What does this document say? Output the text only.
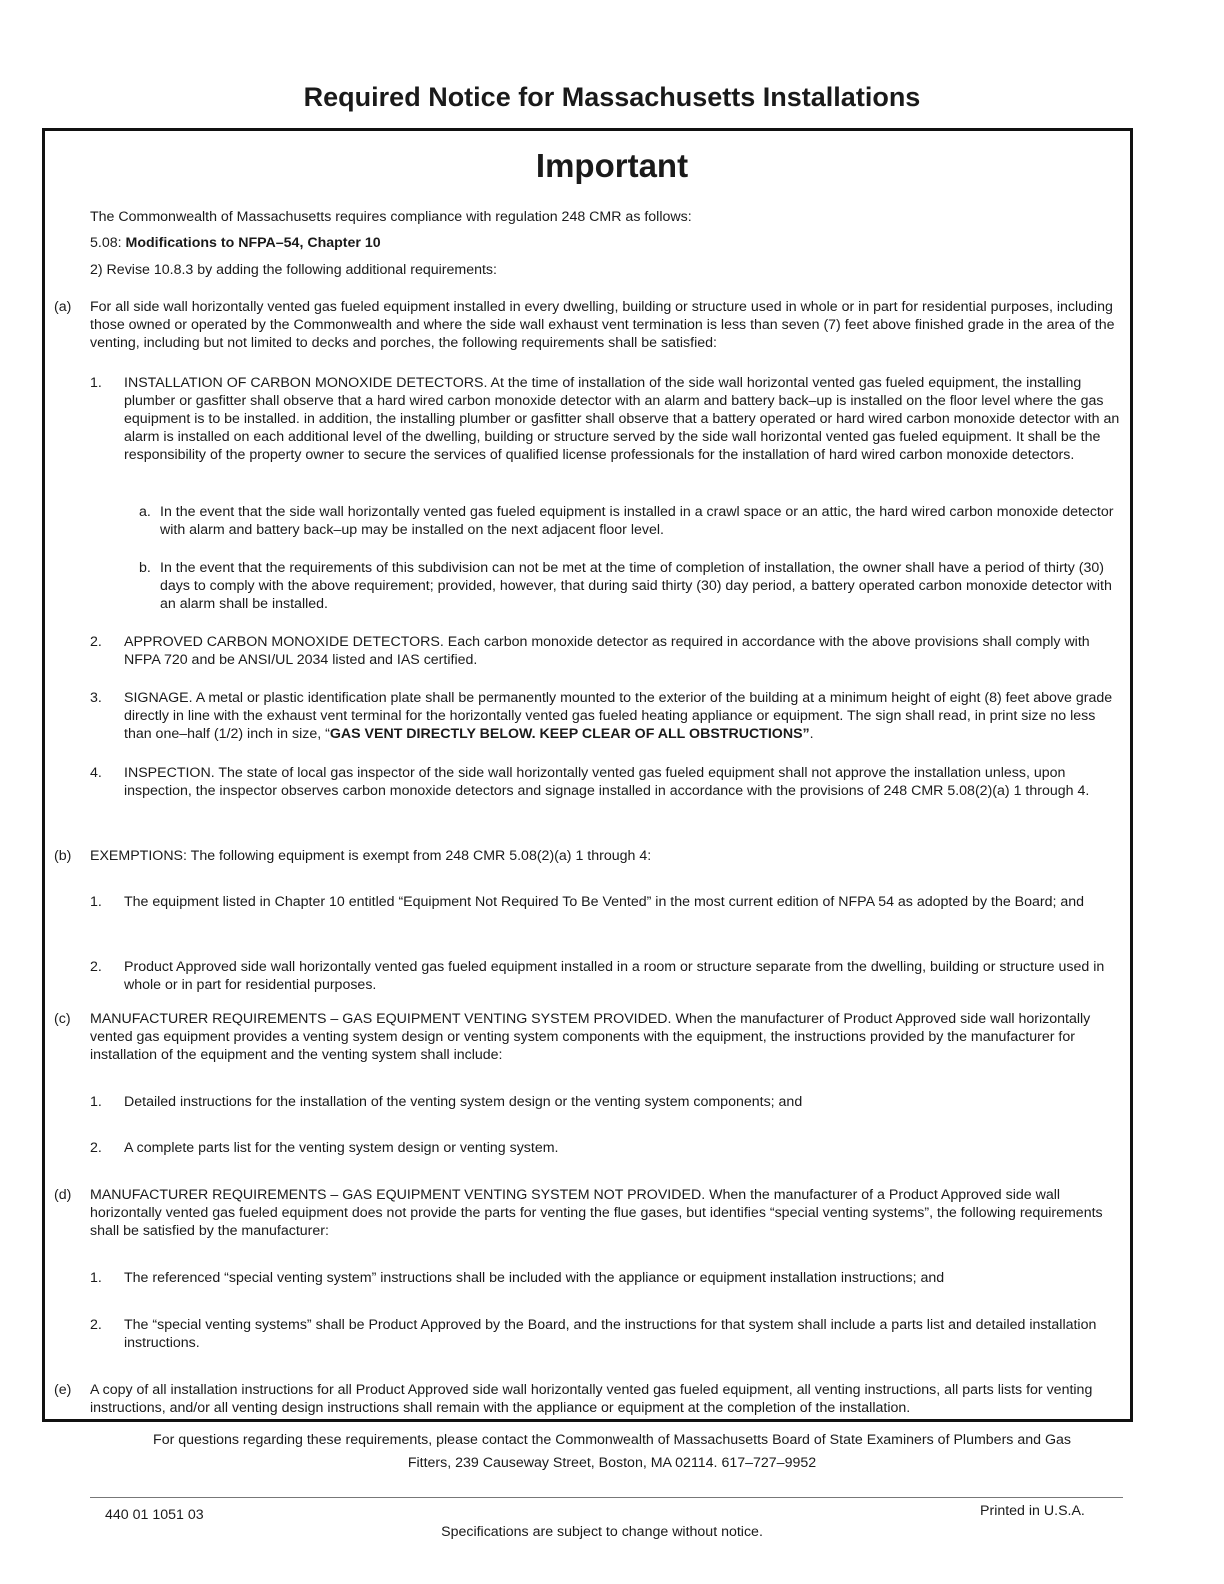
Required Notice for Massachusetts Installations
Important

The Commonwealth of Massachusetts requires compliance with regulation 248 CMR as follows:

5.08: Modifications to NFPA–54, Chapter 10

2) Revise 10.8.3 by adding the following additional requirements:

(a) For all side wall horizontally vented gas fueled equipment installed in every dwelling, building or structure used in whole or in part for residential purposes, including those owned or operated by the Commonwealth and where the side wall exhaust vent termination is less than seven (7) feet above finished grade in the area of the venting, including but not limited to decks and porches, the following requirements shall be satisfied:

1. INSTALLATION OF CARBON MONOXIDE DETECTORS. At the time of installation of the side wall horizontal vented gas fueled equipment, the installing plumber or gasfitter shall observe that a hard wired carbon monoxide detector with an alarm and battery back–up is installed on the floor level where the gas equipment is to be installed. in addition, the installing plumber or gasfitter shall observe that a battery operated or hard wired carbon monoxide detector with an alarm is installed on each additional level of the dwelling, building or structure served by the side wall horizontal vented gas fueled equipment. It shall be the responsibility of the property owner to secure the services of qualified license professionals for the installation of hard wired carbon monoxide detectors.

a. In the event that the side wall horizontally vented gas fueled equipment is installed in a crawl space or an attic, the hard wired carbon monoxide detector with alarm and battery back–up may be installed on the next adjacent floor level.

b. In the event that the requirements of this subdivision can not be met at the time of completion of installation, the owner shall have a period of thirty (30) days to comply with the above requirement; provided, however, that during said thirty (30) day period, a battery operated carbon monoxide detector with an alarm shall be installed.

2. APPROVED CARBON MONOXIDE DETECTORS. Each carbon monoxide detector as required in accordance with the above provisions shall comply with NFPA 720 and be ANSI/UL 2034 listed and IAS certified.

3. SIGNAGE. A metal or plastic identification plate shall be permanently mounted to the exterior of the building at a minimum height of eight (8) feet above grade directly in line with the exhaust vent terminal for the horizontally vented gas fueled heating appliance or equipment. The sign shall read, in print size no less than one–half (1/2) inch in size, “GAS VENT DIRECTLY BELOW. KEEP CLEAR OF ALL OBSTRUCTIONS”.

4. INSPECTION. The state of local gas inspector of the side wall horizontally vented gas fueled equipment shall not approve the installation unless, upon inspection, the inspector observes carbon monoxide detectors and signage installed in accordance with the provisions of 248 CMR 5.08(2)(a) 1 through 4.

(b) EXEMPTIONS: The following equipment is exempt from 248 CMR 5.08(2)(a) 1 through 4:

1. The equipment listed in Chapter 10 entitled “Equipment Not Required To Be Vented” in the most current edition of NFPA 54 as adopted by the Board; and

2. Product Approved side wall horizontally vented gas fueled equipment installed in a room or structure separate from the dwelling, building or structure used in whole or in part for residential purposes.

(c) MANUFACTURER REQUIREMENTS – GAS EQUIPMENT VENTING SYSTEM PROVIDED. When the manufacturer of Product Approved side wall horizontally vented gas equipment provides a venting system design or venting system components with the equipment, the instructions provided by the manufacturer for installation of the equipment and the venting system shall include:

1. Detailed instructions for the installation of the venting system design or the venting system components; and

2. A complete parts list for the venting system design or venting system.

(d) MANUFACTURER REQUIREMENTS – GAS EQUIPMENT VENTING SYSTEM NOT PROVIDED. When the manufacturer of a Product Approved side wall horizontally vented gas fueled equipment does not provide the parts for venting the flue gases, but identifies “special venting systems”, the following requirements shall be satisfied by the manufacturer:

1. The referenced “special venting system” instructions shall be included with the appliance or equipment installation instructions; and

2. The “special venting systems” shall be Product Approved by the Board, and the instructions for that system shall include a parts list and detailed installation instructions.

(e) A copy of all installation instructions for all Product Approved side wall horizontally vented gas fueled equipment, all venting instructions, all parts lists for venting instructions, and/or all venting design instructions shall remain with the appliance or equipment at the completion of the installation.

For questions regarding these requirements, please contact the Commonwealth of Massachusetts Board of State Examiners of Plumbers and Gas
Fitters, 239 Causeway Street, Boston, MA 02114. 617–727–9952
440 01 1051 03	Printed in U.S.A.
Specifications are subject to change without notice.
